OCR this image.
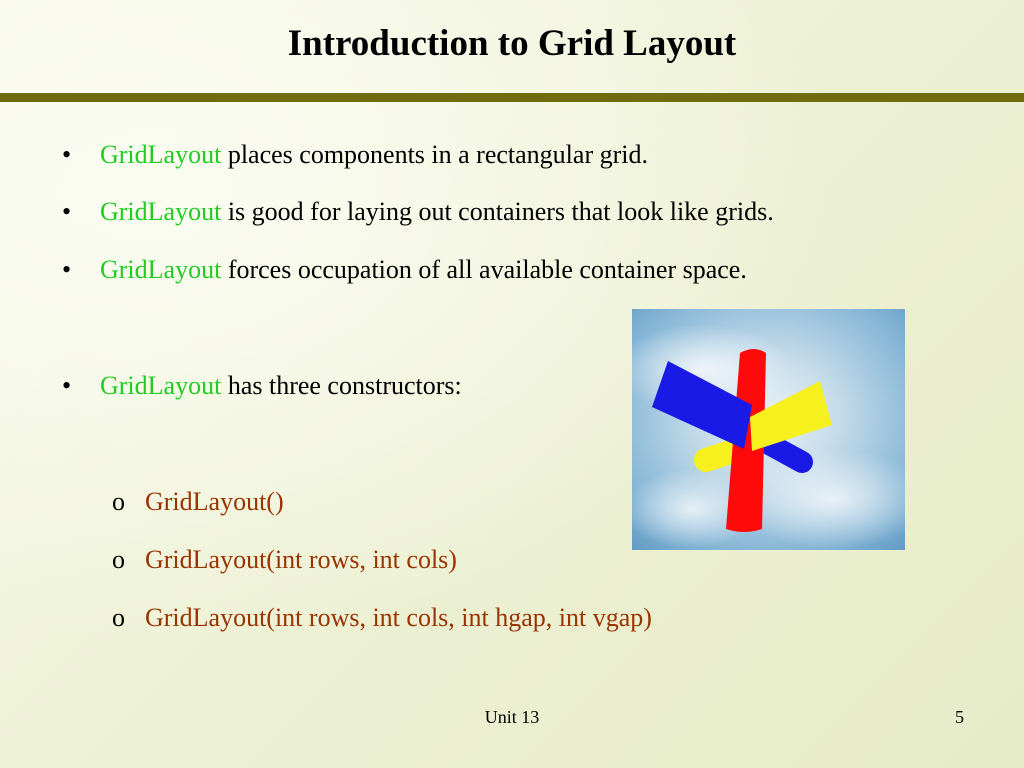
Introduction to Grid Layout
• GridLayout places components in a rectangular grid.
• GridLayout is good for laying out containers that look like grids.
• GridLayout forces occupation of all available container space.
• GridLayout has three constructors:
o GridLayout()
o GridLayout(int rows, int cols)
o GridLayout(int rows, int cols, int hgap, int vgap)
Unit 13	5
